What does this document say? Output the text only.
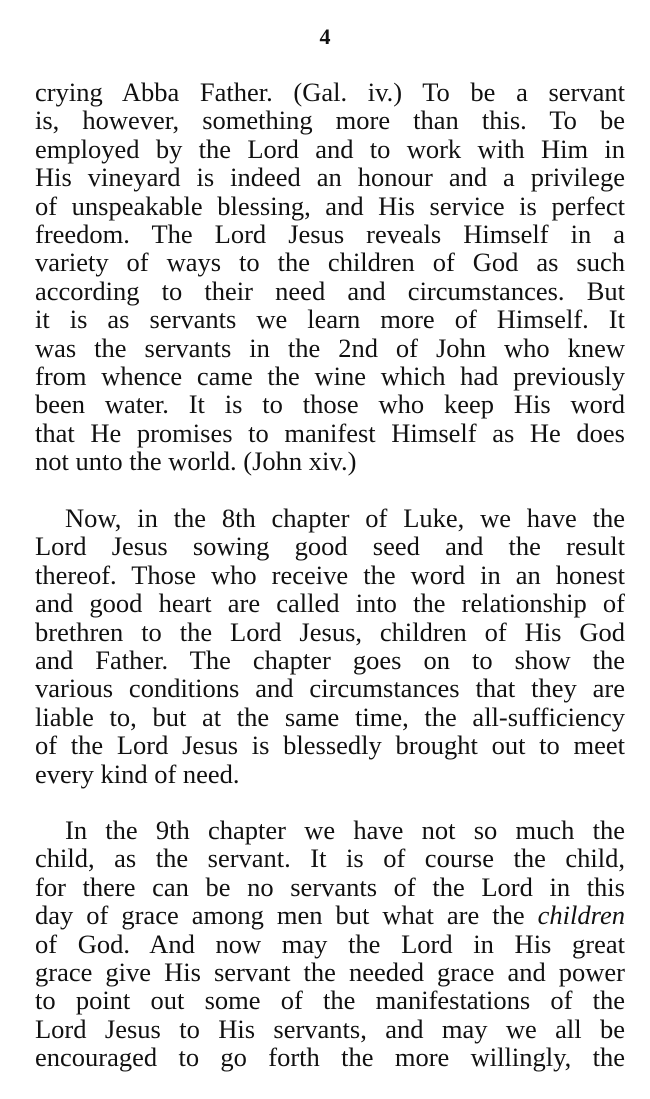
4
crying Abba Father. (Gal. iv.) To be a servant
is, however, something more than this. To be
employed by the Lord and to work with Him in
His vineyard is indeed an honour and a privilege
of unspeakable blessing, and His service is perfect
freedom. The Lord Jesus reveals Himself in a
variety of ways to the children of God as such
according to their need and circumstances. But
it is as servants we learn more of Himself. It
was the servants in the 2nd of John who knew
from whence came the wine which had previously
been water. It is to those who keep His word
that He promises to manifest Himself as He does
not unto the world. (John xiv.)
Now, in the 8th chapter of Luke, we have the
Lord Jesus sowing good seed and the result
thereof. Those who receive the word in an honest
and good heart are called into the relationship of
brethren to the Lord Jesus, children of His God
and Father. The chapter goes on to show the
various conditions and circumstances that they are
liable to, but at the same time, the all-sufficiency
of the Lord Jesus is blessedly brought out to meet
every kind of need.
In the 9th chapter we have not so much the
child, as the servant. It is of course the child,
for there can be no servants of the Lord in this
day of grace among men but what are the children
of God. And now may the Lord in His great
grace give His servant the needed grace and power
to point out some of the manifestations of the
Lord Jesus to His servants, and may we all be
encouraged to go forth the more willingly, the
